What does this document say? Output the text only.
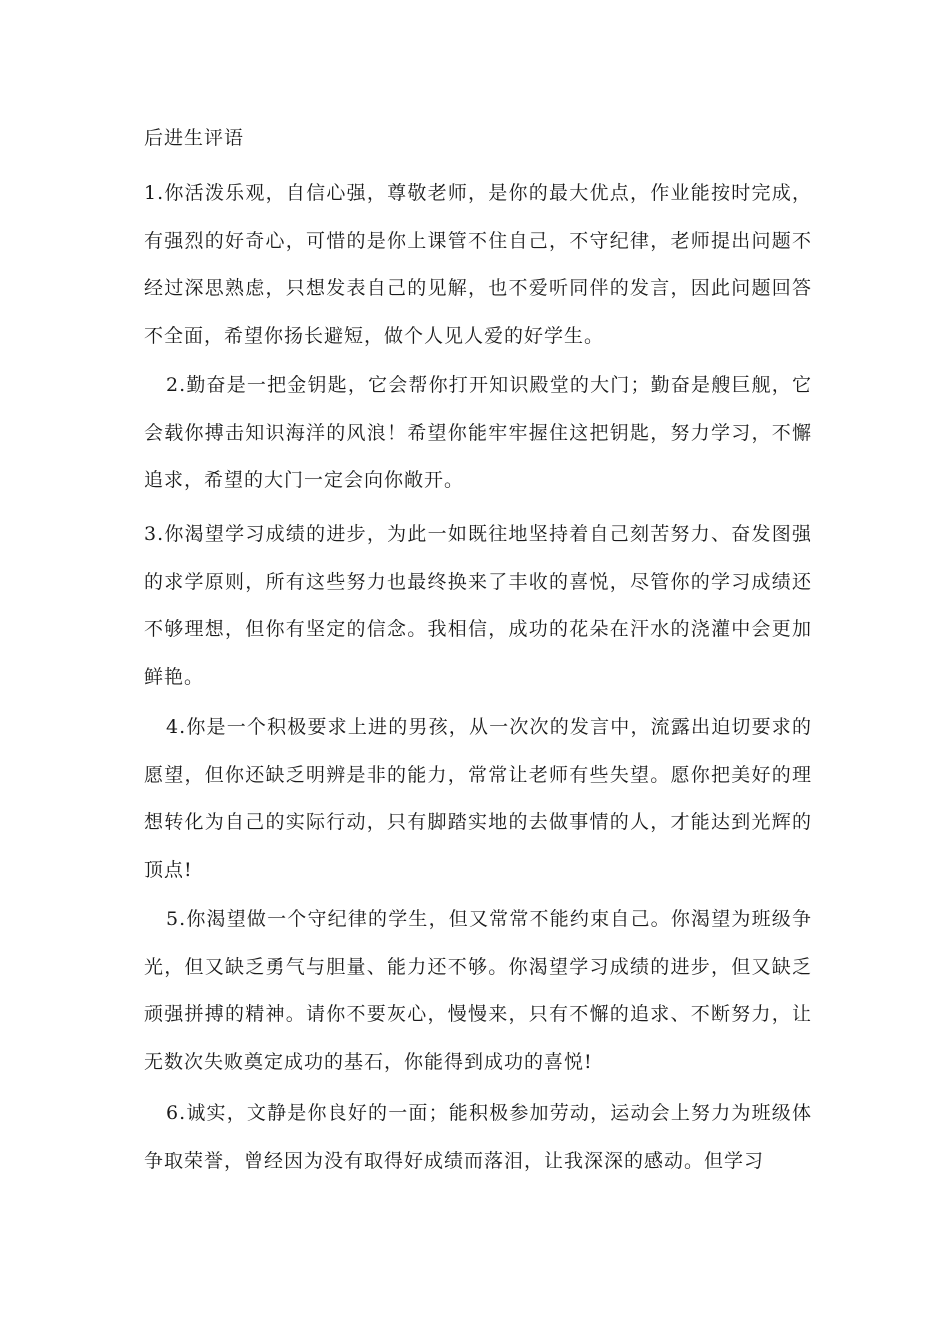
后进生评语

1.你活泼乐观，自信心强，尊敬老师，是你的最大优点，作业能按时完成，有强烈的好奇心，可惜的是你上课管不住自己，不守纪律，老师提出问题不经过深思熟虑，只想发表自己的见解，也不爱听同伴的发言，因此问题回答不全面，希望你扬长避短，做个人见人爱的好学生。

2.勤奋是一把金钥匙，它会帮你打开知识殿堂的大门；勤奋是艘巨舰，它会载你搏击知识海洋的风浪！希望你能牢牢握住这把钥匙，努力学习，不懈追求，希望的大门一定会向你敞开。

3.你渴望学习成绩的进步，为此一如既往地坚持着自己刻苦努力、奋发图强的求学原则，所有这些努力也最终换来了丰收的喜悦，尽管你的学习成绩还不够理想，但你有坚定的信念。我相信，成功的花朵在汗水的浇灌中会更加鲜艳。

4.你是一个积极要求上进的男孩，从一次次的发言中，流露出迫切要求的愿望，但你还缺乏明辨是非的能力，常常让老师有些失望。愿你把美好的理想转化为自己的实际行动，只有脚踏实地的去做事情的人，才能达到光辉的顶点!

5.你渴望做一个守纪律的学生，但又常常不能约束自己。你渴望为班级争光，但又缺乏勇气与胆量、能力还不够。你渴望学习成绩的进步，但又缺乏顽强拼搏的精神。请你不要灰心，慢慢来，只有不懈的追求、不断努力，让无数次失败奠定成功的基石，你能得到成功的喜悦!

6.诚实，文静是你良好的一面；能积极参加劳动，运动会上努力为班级体争取荣誉，曾经因为没有取得好成绩而落泪，让我深深的感动。但学习
